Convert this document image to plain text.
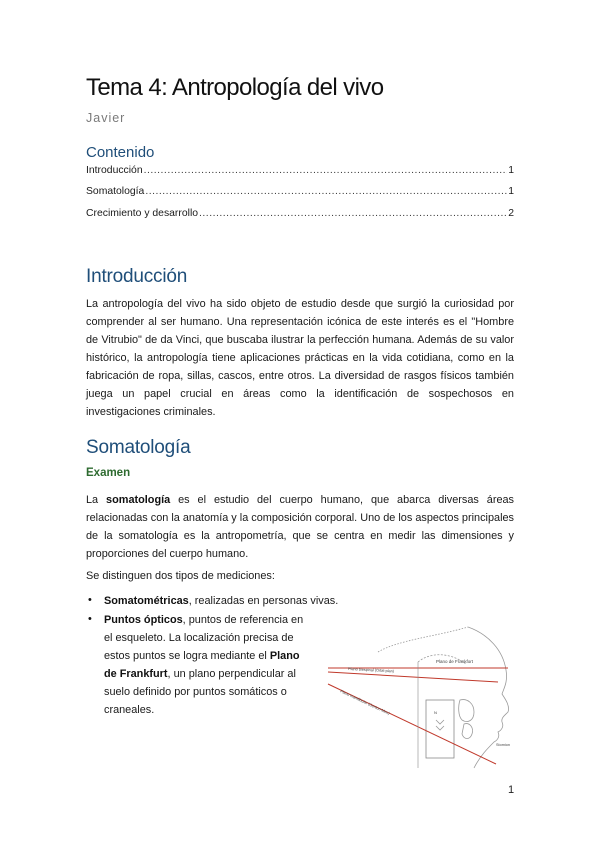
Tema 4: Antropología del vivo
Javier
Contenido
Introducción .....	1
Somatología .....	1
Crecimiento y desarrollo .....	2
Introducción

La antropología del vivo ha sido objeto de estudio desde que surgió la curiosidad por comprender al ser humano. Una representación icónica de este interés es el "Hombre de Vitrubio" de da Vinci, que buscaba ilustrar la perfección humana. Además de su valor histórico, la antropología tiene aplicaciones prácticas en la vida cotidiana, como en la fabricación de ropa, sillas, cascos, entre otros. La diversidad de rasgos físicos también juega un papel crucial en áreas como la identificación de sospechosos en investigaciones criminales.

Somatología
Examen

La somatología es el estudio del cuerpo humano, que abarca diversas áreas relacionadas con la anatomía y la composición corporal. Uno de los aspectos principales de la somatología es la antropometría, que se centra en medir las dimensiones y proporciones del cuerpo humano.

Se distinguen dos tipos de mediciones:

• Somatométricas, realizadas en personas vivas.

• Puntos ópticos, puntos de referencia en
el esqueleto. La localización precisa de
estos puntos se logra mediante el Plano
de Frankfurt, un plano perpendicular al
suelo definido por puntos somáticos o
craneales.

Plano de Frankfort
Plano biespinal (Orbit-plan)
Plano mandibular (Gonion-Men)	N
Stomion
1
